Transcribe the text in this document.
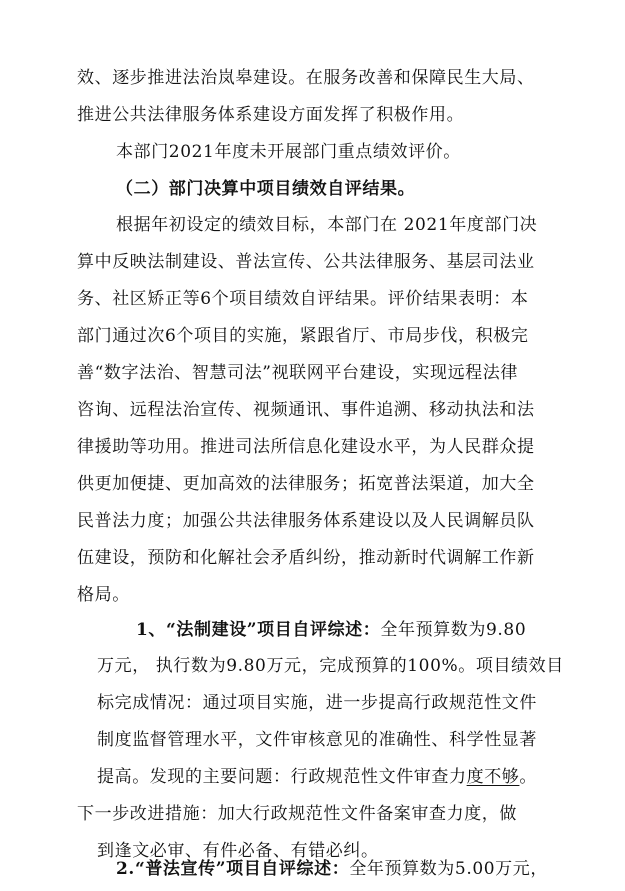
效、逐步推进法治岚皋建设。在服务改善和保障民生大局、
推进公共法律服务体系建设方面发挥了积极作用。
本部门2021年度未开展部门重点绩效评价。
（二）部门决算中项目绩效自评结果。
根据年初设定的绩效目标，本部门在 2021年度部门决
算中反映法制建设、普法宣传、公共法律服务、基层司法业
务、社区矫正等6个项目绩效自评结果。评价结果表明：本
部门通过次6个项目的实施，紧跟省厅、市局步伐，积极完
善“数字法治、智慧司法”视联网平台建设，实现远程法律
咨询、远程法治宣传、视频通讯、事件追溯、移动执法和法
律援助等功用。推进司法所信息化建设水平，为人民群众提
供更加便捷、更加高效的法律服务；拓宽普法渠道，加大全
民普法力度；加强公共法律服务体系建设以及人民调解员队
伍建设，预防和化解社会矛盾纠纷，推动新时代调解工作新
格局。
1、“法制建设”项目自评综述：全年预算数为9.80
万元， 执行数为9.80万元，完成预算的100%。项目绩效目
标完成情况：通过项目实施，进一步提高行政规范性文件
制度监督管理水平，文件审核意见的准确性、科学性显著
提高。发现的主要问题：行政规范性文件审查力度不够。
下一步改进措施：加大行政规范性文件备案审查力度，做
到逢文必审、有件必备、有错必纠。
2.“普法宣传”项目自评综述：全年预算数为5.00万元，
